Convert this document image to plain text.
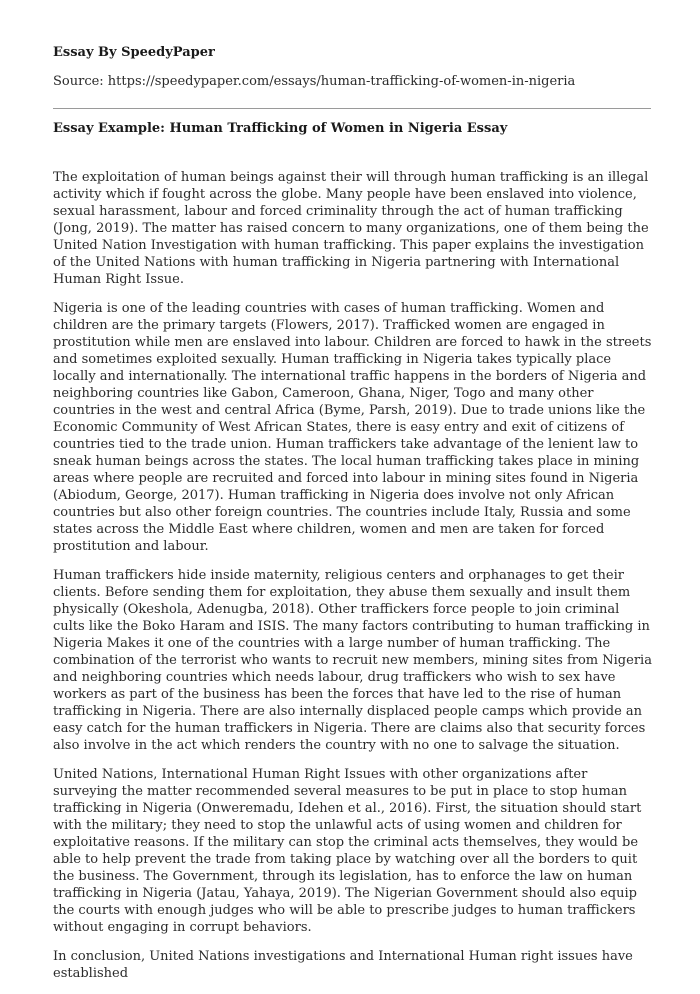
Essay By SpeedyPaper

Source: https://speedypaper.com/essays/human-trafficking-of-women-in-nigeria

Essay Example: Human Trafficking of Women in Nigeria Essay

The exploitation of human beings against their will through human trafficking is an illegal activity which if fought across the globe. Many people have been enslaved into violence, sexual harassment, labour and forced criminality through the act of human trafficking (Jong, 2019). The matter has raised concern to many organizations, one of them being the United Nation Investigation with human trafficking. This paper explains the investigation of the United Nations with human trafficking in Nigeria partnering with International Human Right Issue.

Nigeria is one of the leading countries with cases of human trafficking. Women and children are the primary targets (Flowers, 2017). Trafficked women are engaged in prostitution while men are enslaved into labour. Children are forced to hawk in the streets and sometimes exploited sexually. Human trafficking in Nigeria takes typically place locally and internationally. The international traffic happens in the borders of Nigeria and neighboring countries like Gabon, Cameroon, Ghana, Niger, Togo and many other countries in the west and central Africa (Byme, Parsh, 2019). Due to trade unions like the Economic Community of West African States, there is easy entry and exit of citizens of countries tied to the trade union. Human traffickers take advantage of the lenient law to sneak human beings across the states. The local human trafficking takes place in mining areas where people are recruited and forced into labour in mining sites found in Nigeria (Abiodum, George, 2017). Human trafficking in Nigeria does involve not only African countries but also other foreign countries. The countries include Italy, Russia and some states across the Middle East where children, women and men are taken for forced prostitution and labour.

Human traffickers hide inside maternity, religious centers and orphanages to get their clients. Before sending them for exploitation, they abuse them sexually and insult them physically (Okeshola, Adenugba, 2018). Other traffickers force people to join criminal cults like the Boko Haram and ISIS. The many factors contributing to human trafficking in Nigeria Makes it one of the countries with a large number of human trafficking. The combination of the terrorist who wants to recruit new members, mining sites from Nigeria and neighboring countries which needs labour, drug traffickers who wish to sex have workers as part of the business has been the forces that have led to the rise of human trafficking in Nigeria. There are also internally displaced people camps which provide an easy catch for the human traffickers in Nigeria. There are claims also that security forces also involve in the act which renders the country with no one to salvage the situation.

United Nations, International Human Right Issues with other organizations after surveying the matter recommended several measures to be put in place to stop human trafficking in Nigeria (Onweremadu, Idehen et al., 2016). First, the situation should start with the military; they need to stop the unlawful acts of using women and children for exploitative reasons. If the military can stop the criminal acts themselves, they would be able to help prevent the trade from taking place by watching over all the borders to quit the business. The Government, through its legislation, has to enforce the law on human trafficking in Nigeria (Jatau, Yahaya, 2019). The Nigerian Government should also equip the courts with enough judges who will be able to prescribe judges to human traffickers without engaging in corrupt behaviors.

In conclusion, United Nations investigations and International Human right issues have established
